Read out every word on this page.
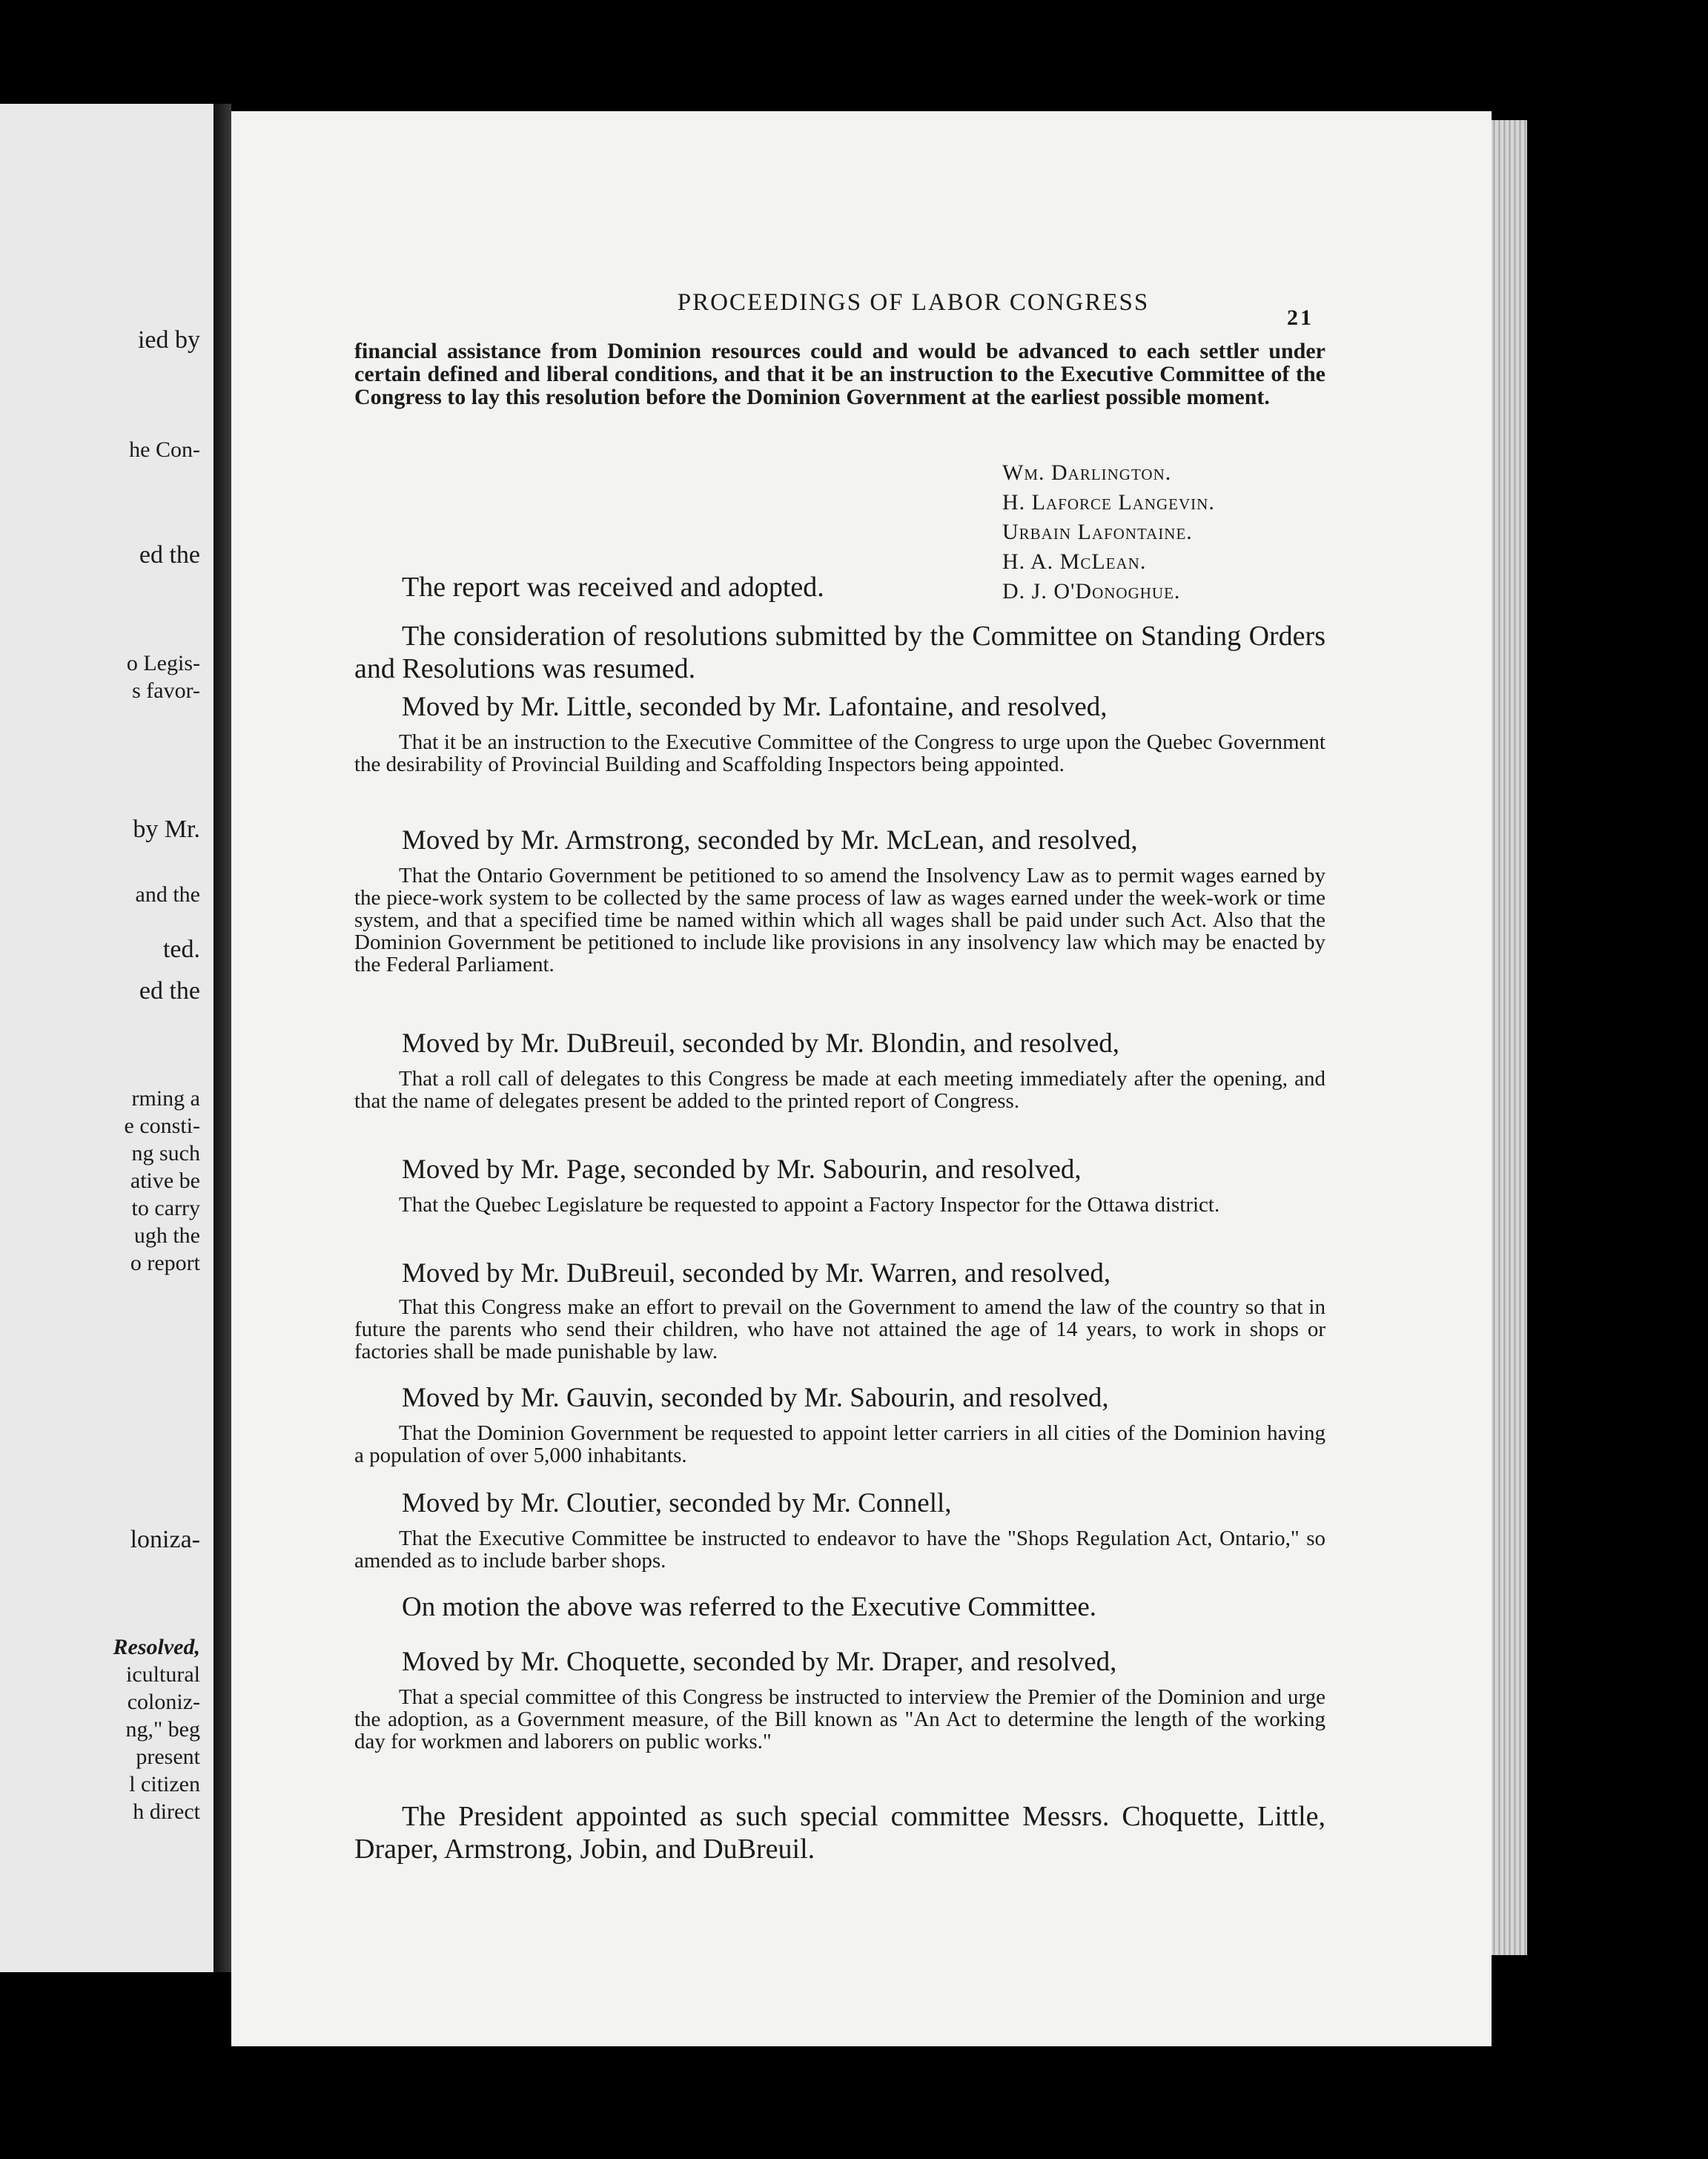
ied by
he Con-
ed the
o Legis-
s favor-
by Mr.
and the
ted.
ed the
rming a
e consti-
ng such
ative be
to carry
ugh the
o report
loniza-
Resolved,
icultural
coloniz-
ng," beg
present
l citizen
h direct
PROCEEDINGS OF LABOR CONGRESS
21
financial assistance from Dominion resources could and would be advanced to each settler under certain defined and liberal conditions, and that it be an instruction to the Executive Committee of the Congress to lay this resolution before the Dominion Government at the earliest possible moment.
Wm. Darlington.
H. Laforce Langevin.
Urbain Lafontaine.
H. A. McLean.
D. J. O'Donoghue.
The report was received and adopted.
The consideration of resolutions submitted by the Committee on Standing Orders and Resolutions was resumed.
Moved by Mr. Little, seconded by Mr. Lafontaine, and resolved,
That it be an instruction to the Executive Committee of the Congress to urge upon the Quebec Government the desirability of Provincial Building and Scaffolding Inspectors being appointed.
Moved by Mr. Armstrong, seconded by Mr. McLean, and resolved,
That the Ontario Government be petitioned to so amend the Insolvency Law as to permit wages earned by the piece-work system to be collected by the same process of law as wages earned under the week-work or time system, and that a specified time be named within which all wages shall be paid under such Act. Also that the Dominion Government be petitioned to include like provisions in any insolvency law which may be enacted by the Federal Parliament.
Moved by Mr. DuBreuil, seconded by Mr. Blondin, and resolved,
That a roll call of delegates to this Congress be made at each meeting immediately after the opening, and that the name of delegates present be added to the printed report of Congress.
Moved by Mr. Page, seconded by Mr. Sabourin, and resolved,
That the Quebec Legislature be requested to appoint a Factory Inspector for the Ottawa district.
Moved by Mr. DuBreuil, seconded by Mr. Warren, and resolved,
That this Congress make an effort to prevail on the Government to amend the law of the country so that in future the parents who send their children, who have not attained the age of 14 years, to work in shops or factories shall be made punishable by law.
Moved by Mr. Gauvin, seconded by Mr. Sabourin, and resolved,
That the Dominion Government be requested to appoint letter carriers in all cities of the Dominion having a population of over 5,000 inhabitants.
Moved by Mr. Cloutier, seconded by Mr. Connell,
That the Executive Committee be instructed to endeavor to have the "Shops Regulation Act, Ontario," so amended as to include barber shops.
On motion the above was referred to the Executive Committee.
Moved by Mr. Choquette, seconded by Mr. Draper, and resolved,
That a special committee of this Congress be instructed to interview the Premier of the Dominion and urge the adoption, as a Government measure, of the Bill known as "An Act to determine the length of the working day for workmen and laborers on public works."
The President appointed as such special committee Messrs. Choquette, Little, Draper, Armstrong, Jobin, and DuBreuil.
